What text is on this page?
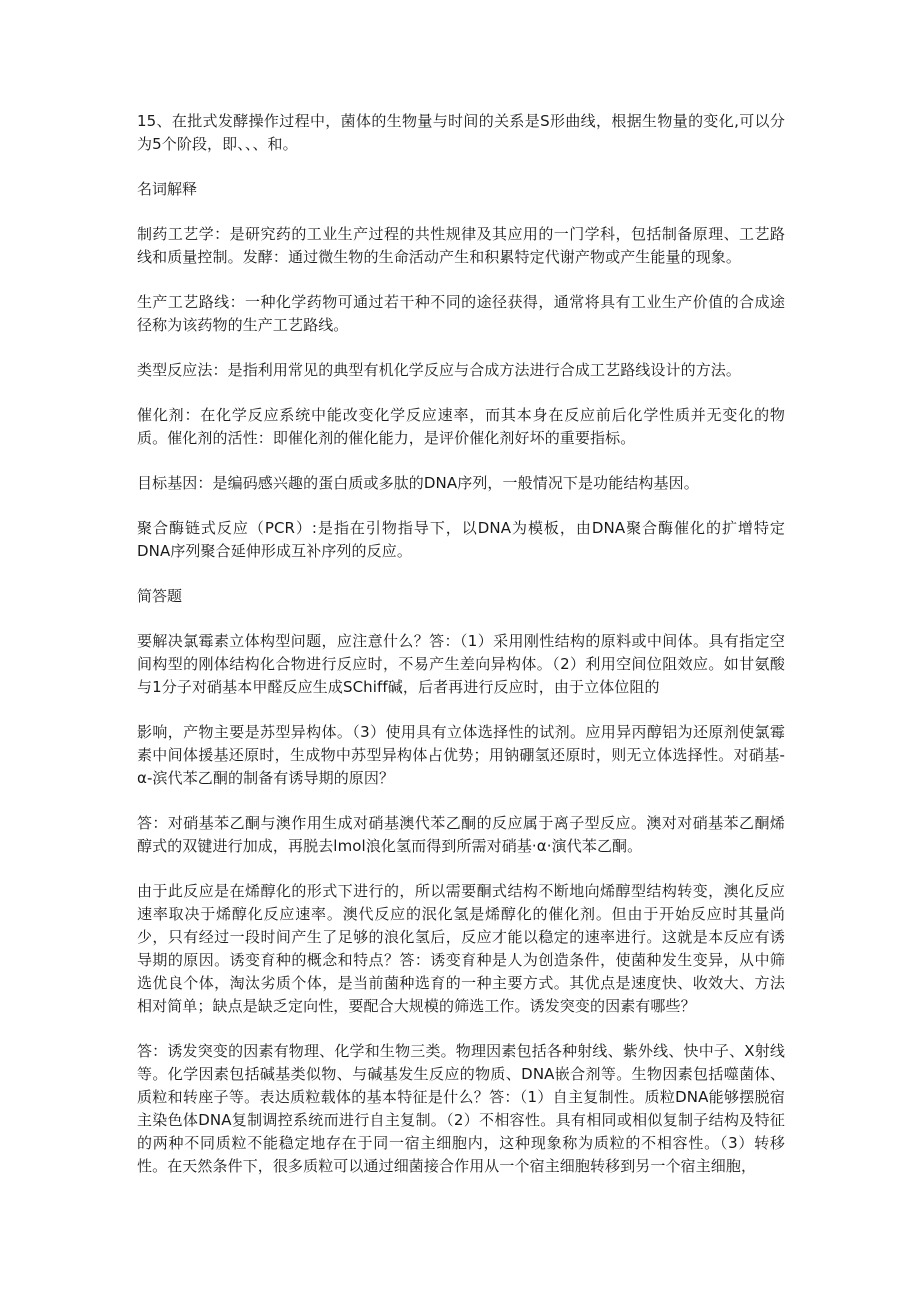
15、在批式发酵操作过程中，菌体的生物量与时间的关系是S形曲线，根据生物量的变化,可以分为5个阶段，即、、、和。

名词解释

制药工艺学：是研究药的工业生产过程的共性规律及其应用的一门学科，包括制备原理、工艺路线和质量控制。发酵：通过微生物的生命活动产生和积累特定代谢产物或产生能量的现象。

生产工艺路线：一种化学药物可通过若干种不同的途径获得，通常将具有工业生产价值的合成途径称为该药物的生产工艺路线。

类型反应法：是指利用常见的典型有机化学反应与合成方法进行合成工艺路线设计的方法。

催化剂：在化学反应系统中能改变化学反应速率，而其本身在反应前后化学性质并无变化的物质。催化剂的活性：即催化剂的催化能力，是评价催化剂好坏的重要指标。

目标基因：是编码感兴趣的蛋白质或多肽的DNA序列，一般情况下是功能结构基因。

聚合酶链式反应（PCR）:是指在引物指导下，以DNA为模板，由DNA聚合酶催化的扩增特定DNA序列聚合延伸形成互补序列的反应。

简答题

要解决氯霉素立体构型问题，应注意什么？答：（1）采用刚性结构的原料或中间体。具有指定空间构型的刚体结构化合物进行反应时，不易产生差向异构体。（2）利用空间位阻效应。如甘氨酸与1分子对硝基本甲醛反应生成SChiff碱，后者再进行反应时，由于立体位阻的

影响，产物主要是苏型异构体。（3）使用具有立体选择性的试剂。应用异丙醇铝为还原剂使氯霉素中间体援基还原时，生成物中苏型异构体占优势；用钠硼氢还原时，则无立体选择性。对硝基-α-滨代苯乙酮的制备有诱导期的原因？

答：对硝基苯乙酮与澳作用生成对硝基澳代苯乙酮的反应属于离子型反应。澳对对硝基苯乙酮烯醇式的双键进行加成，再脱去lmol浪化氢而得到所需对硝基·α·演代苯乙酮。

由于此反应是在烯醇化的形式下进行的，所以需要酮式结构不断地向烯醇型结构转变，澳化反应速率取决于烯醇化反应速率。澳代反应的泯化氢是烯醇化的催化剂。但由于开始反应时其量尚少，只有经过一段时间产生了足够的浪化氢后，反应才能以稳定的速率进行。这就是本反应有诱导期的原因。诱变育种的概念和特点？答：诱变育种是人为创造条件，使菌种发生变异，从中筛选优良个体，淘汰劣质个体，是当前菌种选育的一种主要方式。其优点是速度快、收效大、方法相对简单；缺点是缺乏定向性，要配合大规模的筛选工作。诱发突变的因素有哪些？

答：诱发突变的因素有物理、化学和生物三类。物理因素包括各种射线、紫外线、快中子、X射线等。化学因素包括碱基类似物、与碱基发生反应的物质、DNA嵌合剂等。生物因素包括噬菌体、质粒和转座子等。表达质粒载体的基本特征是什么？答：（1）自主复制性。质粒DNA能够摆脱宿主染色体DNA复制调控系统而进行自主复制。（2）不相容性。具有相同或相似复制子结构及特征的两种不同质粒不能稳定地存在于同一宿主细胞内，这种现象称为质粒的不相容性。（3）转移性。在天然条件下，很多质粒可以通过细菌接合作用从一个宿主细胞转移到另一个宿主细胞，
